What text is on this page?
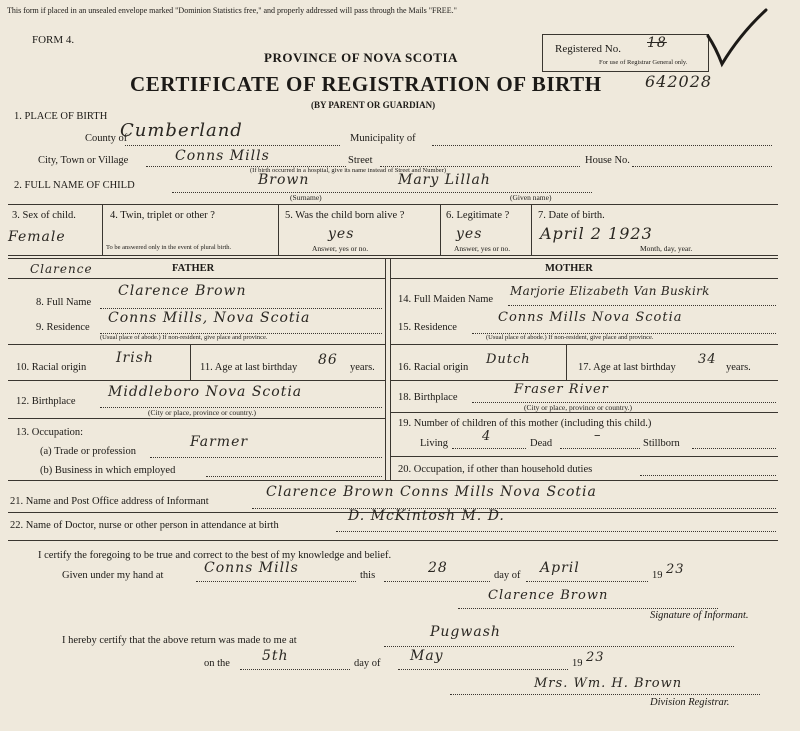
This form if placed in an unsealed envelope marked "Dominion Statistics free," and properly addressed will pass through the Mails "FREE."
FORM 4.
PROVINCE OF NOVA SCOTIA
CERTIFICATE OF REGISTRATION OF BIRTH	642028
(BY PARENT OR GUARDIAN)
Registered No. 18
For use of Registrar General only.
1. PLACE OF BIRTH
County of
Cumberland	Municipality of
City, Town or Village	Conns Mills	Street	House No.
(If birth occurred in a hospital, give its name instead of Street and Number)
2. FULL NAME OF CHILD	Brown	Mary Lillah
(Surname)	(Given name)
3. Sex of child.
Female
4. Twin, triplet or other ?
To be answered only in the event of plural birth.
5. Was the child born alive ?
yes
Answer, yes or no.
6. Legitimate ?
yes
Answer, yes or no.
7. Date of birth.
April 2 1923
Month, day, year.
Clarence	FATHER
8. Full Name
Clarence Brown
9. Residence
Conns Mills, Nova Scotia
(Usual place of abode.) If non-resident, give place and province.
10. Racial origin
Irish
11. Age at last birthday 86 years.
12. Birthplace
Middleboro Nova Scotia
(City or place, province or country.)
13. Occupation:
(a) Trade or profession
Farmer
(b) Business in which employed
MOTHER
14. Full Maiden Name
Marjorie Elizabeth Van Buskirk
15. Residence
Conns Mills Nova Scotia
(Usual place of abode.) If non-resident, give place and province.
16. Racial origin
Dutch
17. Age at last birthday
34
years.
18. Birthplace
Fraser River
(City or place, province or country.)
19. Number of children of this mother (including this child.)
Living	4	Dead
–
Stillborn
20. Occupation, if other than household duties
21. Name and Post Office address of Informant
Clarence Brown Conns Mills Nova Scotia
22. Name of Doctor, nurse or other person in attendance at birth
D. McKintosh M. D.
I certify the foregoing to be true and correct to the best of my knowledge and belief.
Given under my hand at	Conns Mills	this	28	day of April	19 23
Clarence Brown
Signature of Informant.
I hereby certify that the above return was made to me at
Pugwash
on the 5th	day of May	19 23
Mrs. Wm. H. Brown
Division Registrar.
